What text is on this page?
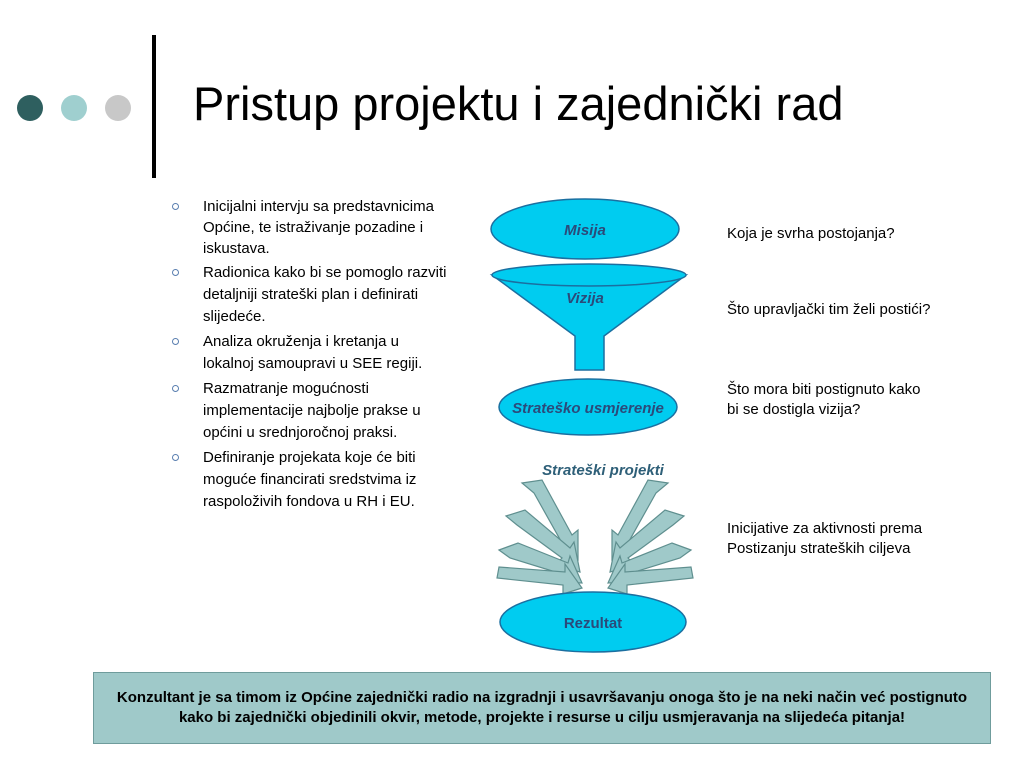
Pristup projektu i zajednički rad
Inicijalni intervju sa predstavnicima Općine, te istraživanje pozadine i iskustava.
Radionica kako bi se pomoglo razviti detaljniji strateški plan i definirati slijedeće.
Analiza okruženja i kretanja u lokalnoj samoupravi u SEE regiji.
Razmatranje mogućnosti implementacije najbolje prakse u općini u srednjoročnoj praksi.
Definiranje projekata koje će biti moguće financirati sredstvima iz raspoloživih fondova u RH i EU.
Misija
Vizija
Strateško usmjerenje
Strateški projekti
Rezultat
Koja je svrha postojanja?
Što upravljački tim želi postići?
Što mora biti postignuto kako
bi se dostigla vizija?
Inicijative za aktivnosti prema
Postizanju strateških ciljeva
Konzultant je sa timom iz Općine zajednički radio na izgradnji i usavršavanju onoga što je na neki način već postignuto kako bi zajednički objedinili okvir, metode, projekte i resurse u cilju usmjeravanja na slijedeća pitanja!
